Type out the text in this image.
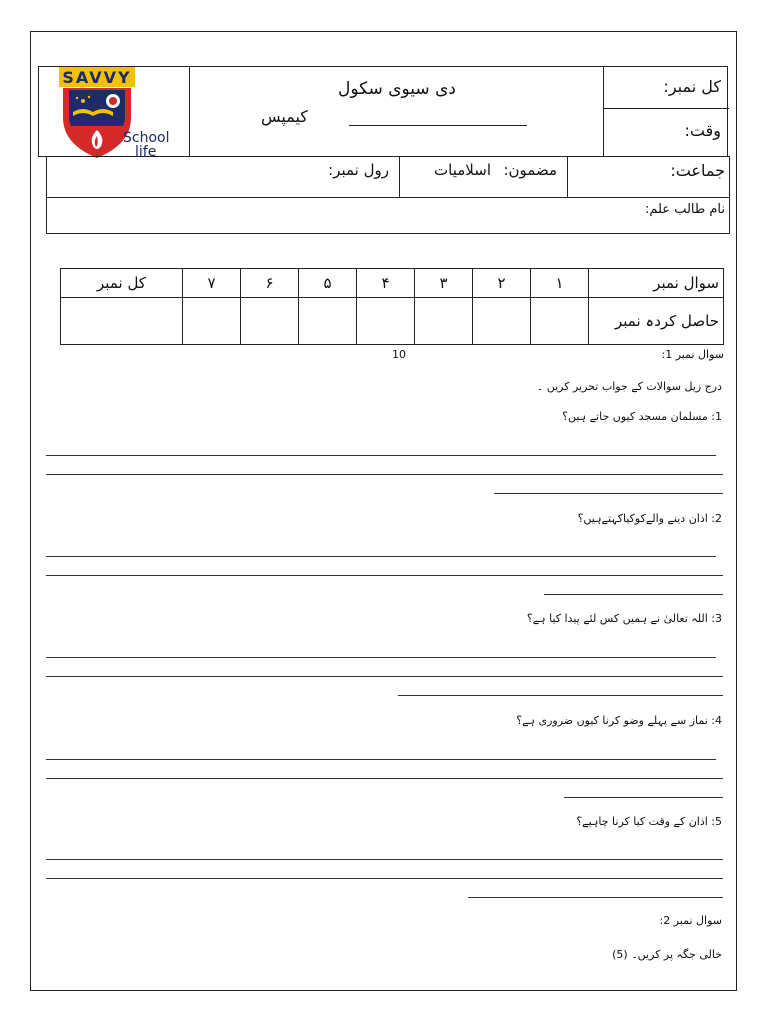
SAVVY
School
life
دی سیوی سکول
کیمپس
کل نمبر:
وقت:
جماعت:
مضمون:
اسلامیات
رول نمبر:
نام طالب علم:
کل نمبر	۷	۶	۵	۴	۳	۲	۱	سوال نمبر
								حاصل کردہ نمبر
سوال نمبر 1:
10
درج زیل سوالات کے جواب تحریر کریں ۔
1: مسلمان مسجد کیوں جاتے ہیں؟
2: اذان دینے والےکوکیاکہتےہیں؟
3: اللہ تعالیٰ نے ہمیں کس لئے پیدا کیا ہے؟
4: نماز سے پہلے وضو کرنا کیوں ضروری ہے؟
5: اذان کے وقت کیا کرنا چاہیے؟
سوال نمبر 2:
خالی جگہ پر کریں۔ (5)
